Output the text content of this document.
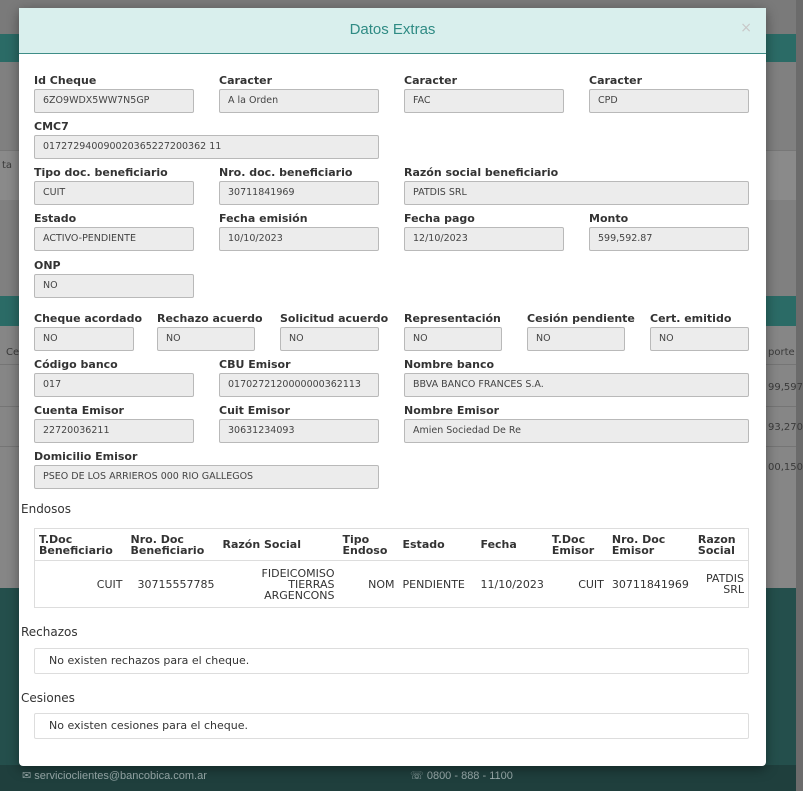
ta
Ce	porte
99,597
93,270
00,150
✉ servicioclientes@bancobica.com.ar	☏ 0800 - 888 - 1100
Datos Extras	×
Id Cheque
6ZO9WDX5WW7N5GP
Caracter
A la Orden
Caracter
FAC
Caracter
CPD
CMC7
017272940090020365227200362 11
Tipo doc. beneficiario
CUIT
Nro. doc. beneficiario
30711841969
Razón social beneficiario
PATDIS SRL
Estado
ACTIVO-PENDIENTE
Fecha emisión
10/10/2023
Fecha pago
12/10/2023
Monto
599,592.87
ONP
NO
Cheque acordado
NO
Rechazo acuerdo
NO
Solicitud acuerdo
NO
Representación
NO
Cesión pendiente
NO
Cert. emitido
NO
Código banco
017
CBU Emisor
0170272120000000362113
Nombre banco
BBVA BANCO FRANCES S.A.
Cuenta Emisor
22720036211
Cuit Emisor
30631234093
Nombre Emisor
Amien Sociedad De Re
Domicilio Emisor
PSEO DE LOS ARRIEROS 000 RIO GALLEGOS
Endosos
T.Doc Beneficiario	Nro. Doc Beneficiario	Razón Social	Tipo Endoso	Estado	Fecha	T.Doc Emisor	Nro. Doc Emisor	Razon Social
CUIT	30715557785	FIDEICOMISO TIERRAS ARGENCONS	NOM	PENDIENTE	11/10/2023	CUIT	30711841969	PATDIS SRL
Rechazos
No existen rechazos para el cheque.
Cesiones
No existen cesiones para el cheque.
